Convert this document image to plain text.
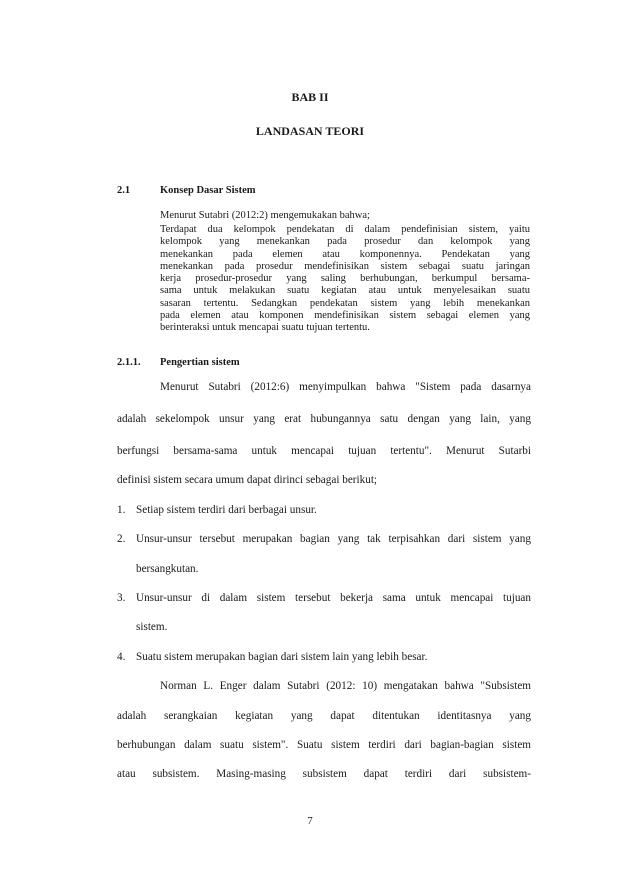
BAB II
LANDASAN TEORI
2.1	Konsep Dasar Sistem
Menurut Sutabri (2012:2) mengemukakan bahwa;
Terdapat dua kelompok pendekatan di dalam pendefinisian sistem, yaitu
kelompok yang menekankan pada prosedur dan kelompok yang
menekankan pada elemen atau komponennya. Pendekatan yang
menekankan pada prosedur mendefinisikan sistem sebagai suatu jaringan
kerja prosedur-prosedur yang saling berhubungan, berkumpul bersama-
sama untuk melakukan suatu kegiatan atau untuk menyelesaikan suatu
sasaran tertentu. Sedangkan pendekatan sistem yang lebih menekankan
pada elemen atau komponen mendefinisikan sistem sebagai elemen yang
berinteraksi untuk mencapai suatu tujuan tertentu.
2.1.1. Pengertian sistem
Menurut Sutabri (2012:6) menyimpulkan bahwa "Sistem pada dasarnya
adalah sekelompok unsur yang erat hubungannya satu dengan yang lain, yang
berfungsi bersama-sama untuk mencapai tujuan tertentu". Menurut Sutarbi
definisi sistem secara umum dapat dirinci sebagai berikut;
1. Setiap sistem terdiri dari berbagai unsur.
2. Unsur-unsur tersebut merupakan bagian yang tak terpisahkan dari sistem yang
bersangkutan.
3. Unsur-unsur di dalam sistem tersebut bekerja sama untuk mencapai tujuan
sistem.
4. Suatu sistem merupakan bagian dari sistem lain yang lebih besar.
Norman L. Enger dalam Sutabri (2012: 10) mengatakan bahwa "Subsistem
adalah serangkaian kegiatan yang dapat ditentukan identitasnya yang
berhubungan dalam suatu sistem". Suatu sistem terdiri dari bagian-bagian sistem
atau subsistem. Masing-masing subsistem dapat terdiri dari subsistem-
7
